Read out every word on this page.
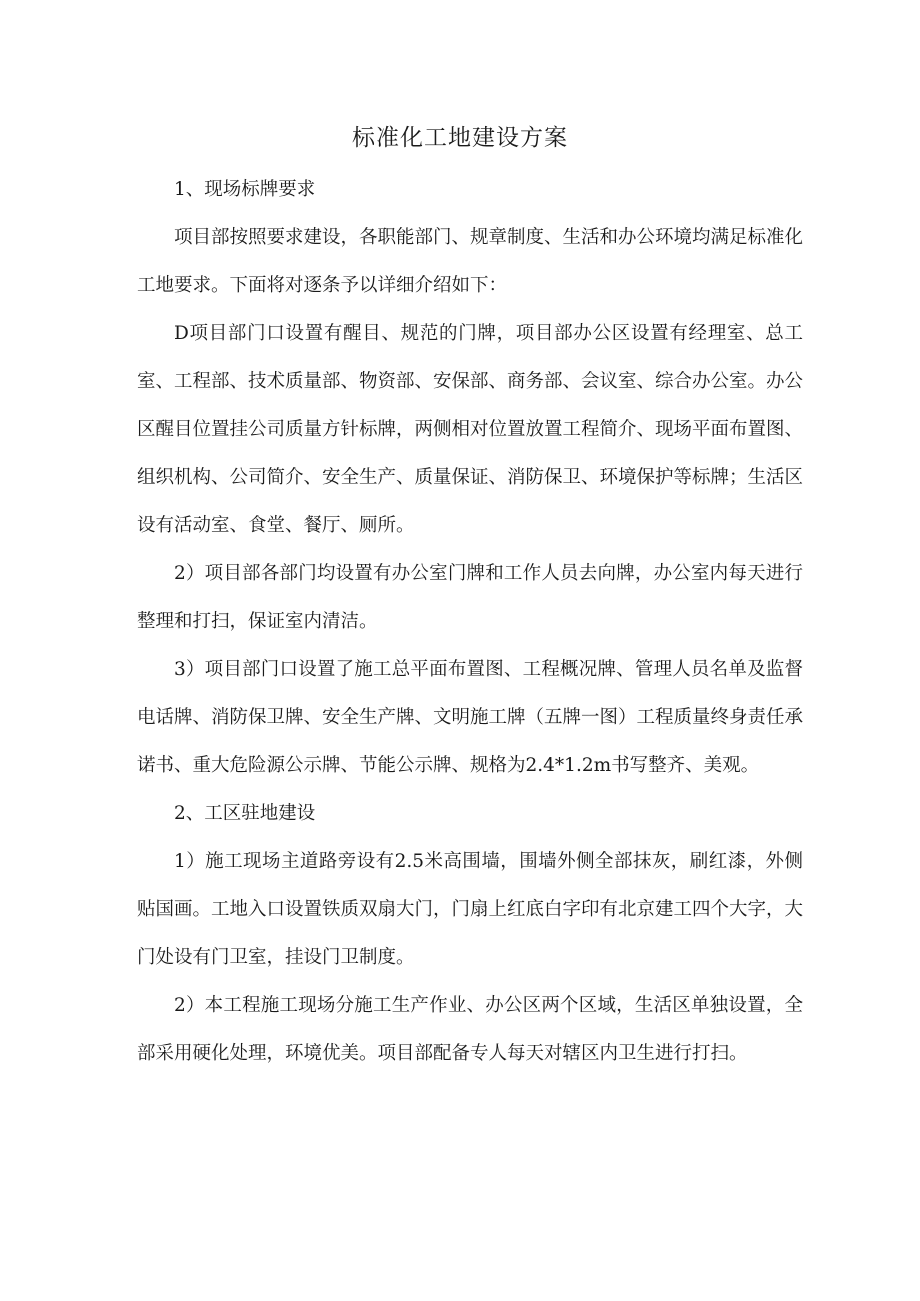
标准化工地建设方案

1、现场标牌要求

项目部按照要求建设，各职能部门、规章制度、生活和办公环境均满足标准化工地要求。下面将对逐条予以详细介绍如下：

D项目部门口设置有醒目、规范的门牌，项目部办公区设置有经理室、总工室、工程部、技术质量部、物资部、安保部、商务部、会议室、综合办公室。办公区醒目位置挂公司质量方针标牌，两侧相对位置放置工程简介、现场平面布置图、组织机构、公司简介、安全生产、质量保证、消防保卫、环境保护等标牌；生活区设有活动室、食堂、餐厅、厕所。

2）项目部各部门均设置有办公室门牌和工作人员去向牌，办公室内每天进行整理和打扫，保证室内清洁。

3）项目部门口设置了施工总平面布置图、工程概况牌、管理人员名单及监督电话牌、消防保卫牌、安全生产牌、文明施工牌（五牌一图）工程质量终身责任承诺书、重大危险源公示牌、节能公示牌、规格为2.4*1.2m书写整齐、美观。

2、工区驻地建设

1）施工现场主道路旁设有2.5米高围墙，围墙外侧全部抹灰，刷红漆，外侧贴国画。工地入口设置铁质双扇大门，门扇上红底白字印有北京建工四个大字，大门处设有门卫室，挂设门卫制度。

2）本工程施工现场分施工生产作业、办公区两个区域，生活区单独设置，全部采用硬化处理，环境优美。项目部配备专人每天对辖区内卫生进行打扫。
